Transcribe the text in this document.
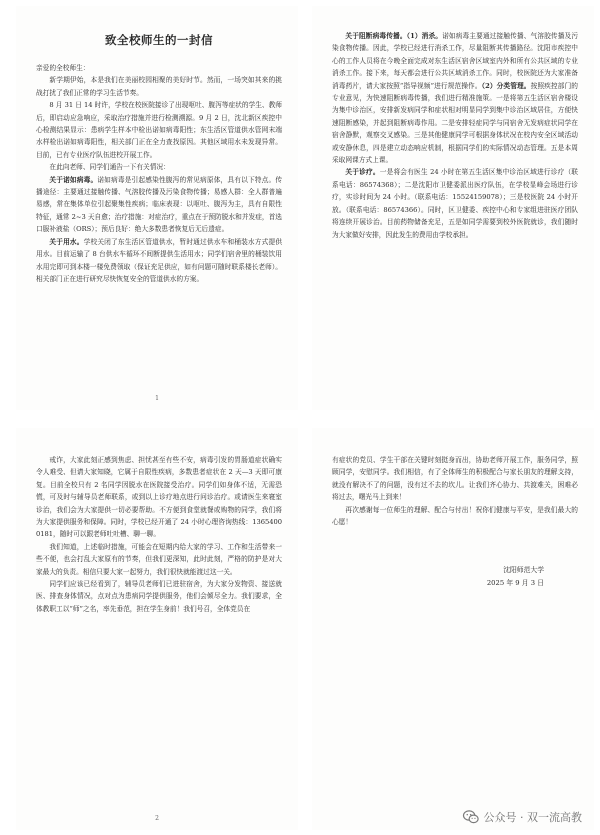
致全校师生的一封信

亲爱的全校师生：

新学期伊始，本是我们在美丽校园相聚的美好时节。然而，一场突如其来的挑战打扰了我们正常的学习生活节奏。

8 月 31 日 14 时许，学校在校医院接诊了出现呕吐、腹泻等症状的学生、教师后，即启动应急响应，采取治疗措施并进行检测溯源。9 月 2 日，沈北新区疾控中心检测结果显示：患病学生样本中检出诺如病毒阳性；东生活区管道供水管网末端水样检出诺如病毒阳性，相关部门正在全力查找原因。其他区域用水未发现异常。目前，已有专业医疗队伍进校开展工作。

在此向老师、同学们通告一下有关情况：

关于诺如病毒。诺如病毒是引起感染性腹泻的常见病原体，具有以下特点。传播途径：主要通过接触传播、气溶胶传播及污染食物传播；易感人群：全人群普遍易感，常在集体单位引起聚集性疾病；临床表现：以呕吐、腹泻为主，具有自限性特征，通常 2~3 天自愈；治疗措施：对症治疗，重点在于预防脱水和并发症，首选口服补液盐（ORS）；预后良好：绝大多数患者恢复后无后遗症。

关于用水。学校关闭了东生活区管道供水，暂时通过供水车和桶装水方式提供用水。目前运输了 8 台供水车循环不间断提供生活用水；同学们宿舍里的桶装饮用水用完即可到本楼一楼免费领取（保证充足供应，如有问题可随时联系楼长老师）。相关部门正在进行研究尽快恢复安全的管道供水的方案。

1

关于阻断病毒传播。（1）消杀。诺如病毒主要通过接触传播、气溶胶传播及污染食物传播。因此，学校已经进行消杀工作，尽量阻断其传播路径。沈阳市疾控中心的工作人员将在今晚全面完成对东生活区宿舍区域室内外和所有公共区域的专业消杀工作。接下来，每天都会进行公共区域消杀工作。同时，校医院还为大家准备消毒药片，请大家按照“指导视频”进行规范操作。（2）分类管理。按照疾控部门的专业意见，为快速阻断病毒传播，我们进行精准施策。一是将第五生活区宿舍楼设为集中诊治区，安排新发病同学和症状相对明显同学到集中诊治区域居住，方便快速阻断感染，并起到阻断病毒作用。二是安排轻症同学与同宿舍无发病症状同学在宿舍静默，观察交叉感染。三是其他健康同学可根据身体状况在校内安全区域活动或安静休息，四是建立动态响应机制，根据同学们的实际情况动态管理。五是本周采取网课方式上课。

关于诊疗。一是将会有医生 24 小时在第五生活区集中诊治区域进行诊疗（联系电话：86574368）；二是沈阳市卫健委派出医疗队伍，在学校显峰会场进行诊疗，实诊时间为 24 小时。（联系电话：15524159078）；三是校医院 24 小时开放。（联系电话：86574366）。同时，区卫健委、疾控中心和专家组进驻医疗团队将连续开展诊治。目前药物储备充足，五是如同学需要到校外医院就诊，我们随时为大家做好安排，因此发生的费用由学校承担。

戒诈，大家此刻正感到焦虑、担忧甚至有些不安，病毒引发的胃肠道症状确实令人难受、但请大家知晓，它属于自限性疾病，多数患者症状在 2 天—3 天即可康复。目前全校只有 2 名同学因脱水在医院接受治疗。同学们如身体不适，无需恐慌，可及时与辅导员老师联系，或到以上诊疗地点进行问诊治疗。或请医生来寝室诊治，我们会为大家提供一切必要帮助。不方便到食堂就餐或购物的同学，我们将为大家提供服务和保障。同时，学校已经开通了 24 小时心理咨询热线：13654000181，随时可以跟老师吐吐槽、聊一聊。

我们知道，上述临时措施，可能会在短期内给大家的学习、工作和生活带来一些不便，也会打乱大家原有的节奏，但我们更深知，此时此刻，严格的防护是对大家最大的负责。相信只要大家一起努力，我们很快就能渡过这一关。

同学们应该已经看到了，辅导员老师们已进驻宿舍，为大家分发物资、接送就医、排查身体情况，点对点为患病同学提供服务，他们会倾尽全力。我们要求，全体教职工以“师”之名，率先垂范，担在学生身前！我们号召，全体党员在

2

有症状的党员、学生干部在关键时刻挺身而出，协助老师开展工作，服务同学，照顾同学，安慰同学。我们相信，有了全体师生的积极配合与家长朋友的理解支持，就没有解决不了的问题，没有过不去的坎儿。让我们齐心协力、共渡难关，困难必将过去，曙光马上到来！

再次感谢每一位师生的理解、配合与付出！祝你们健康与平安，是我们最大的心愿！

沈阳师范大学
2025 年 9 月 3 日
公众号 · 双一流高教
